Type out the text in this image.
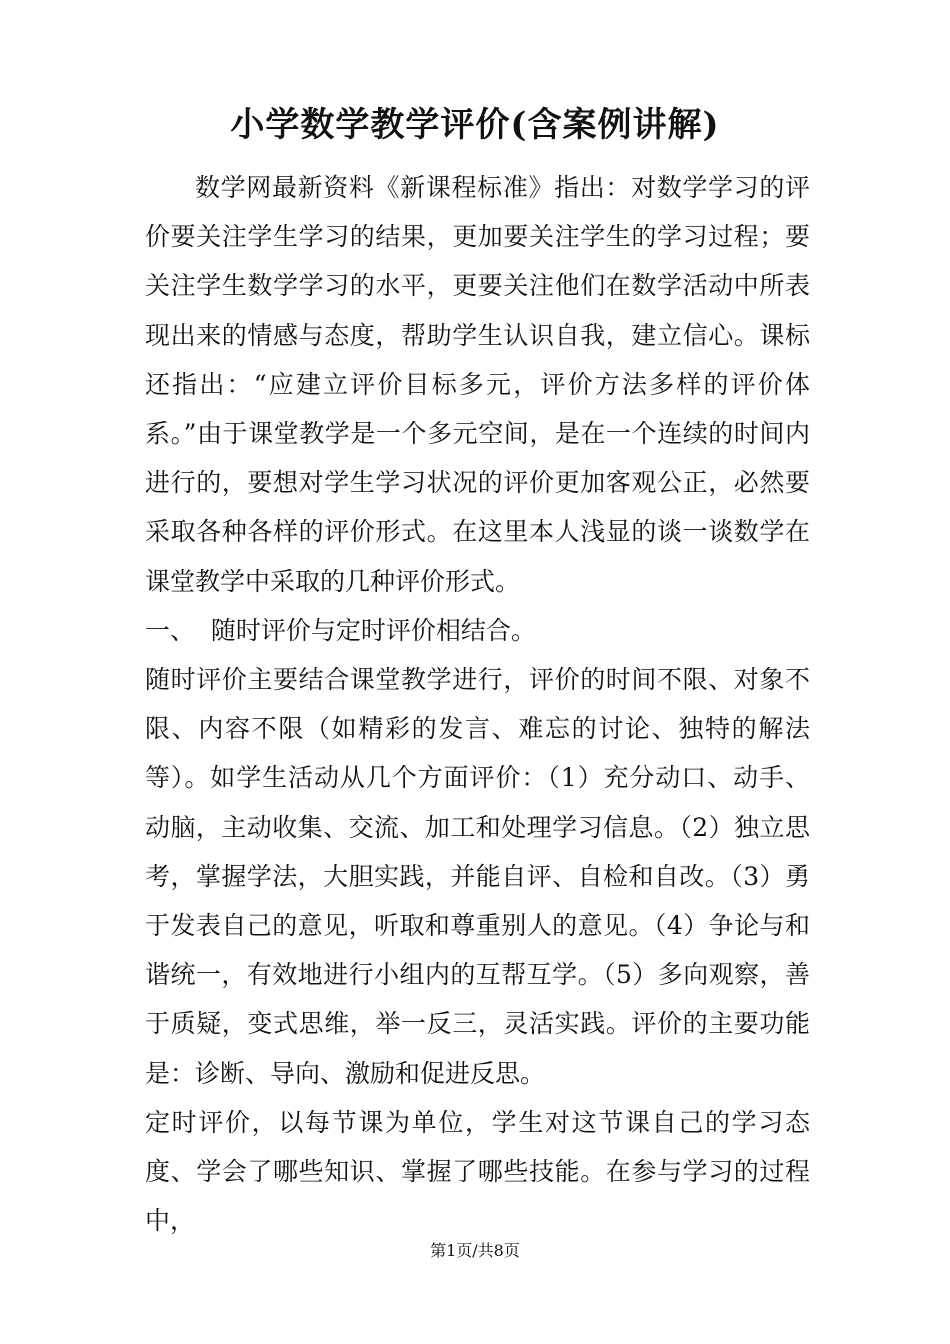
小学数学教学评价(含案例讲解)

数学网最新资料《新课程标准》指出：对数学学习的评价要关注学生学习的结果，更加要关注学生的学习过程；要关注学生数学学习的水平，更要关注他们在数学活动中所表现出来的情感与态度，帮助学生认识自我，建立信心。课标还指出：“应建立评价目标多元，评价方法多样的评价体系。”由于课堂教学是一个多元空间，是在一个连续的时间内进行的，要想对学生学习状况的评价更加客观公正，必然要采取各种各样的评价形式。在这里本人浅显的谈一谈数学在课堂教学中采取的几种评价形式。

一、  随时评价与定时评价相结合。

随时评价主要结合课堂教学进行，评价的时间不限、对象不限、内容不限（如精彩的发言、难忘的讨论、独特的解法等）。如学生活动从几个方面评价：（1）充分动口、动手、动脑，主动收集、交流、加工和处理学习信息。（2）独立思考，掌握学法，大胆实践，并能自评、自检和自改。（3）勇于发表自己的意见，听取和尊重别人的意见。（4）争论与和谐统一，有效地进行小组内的互帮互学。（5）多向观察，善于质疑，变式思维，举一反三，灵活实践。评价的主要功能是：诊断、导向、激励和促进反思。

定时评价，以每节课为单位，学生对这节课自己的学习态度、学会了哪些知识、掌握了哪些技能。在参与学习的过程中，

第1页/共8页
